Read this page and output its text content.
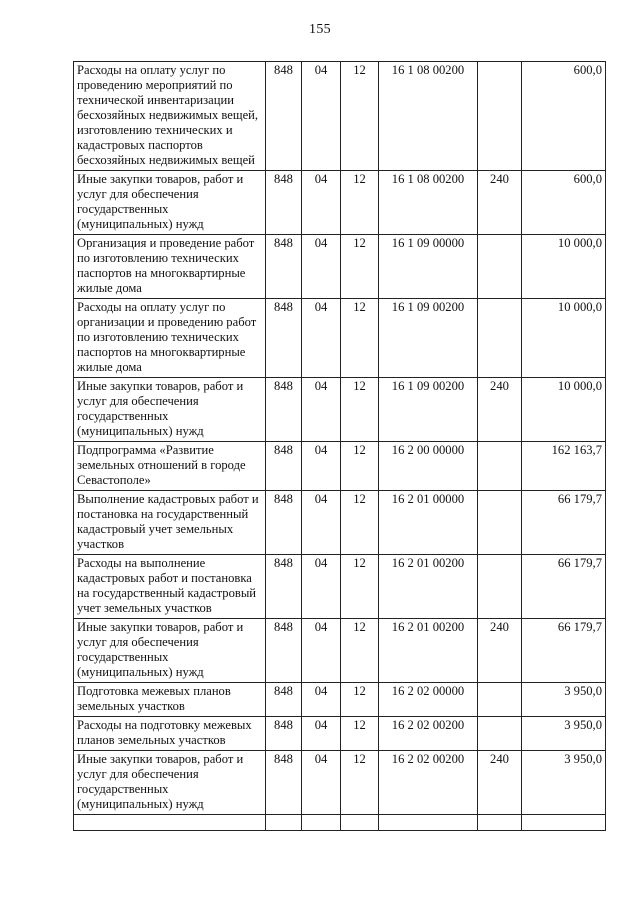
155
Расходы на оплату услуг по проведению мероприятий по технической инвентаризации бесхозяйных недвижимых вещей, изготовлению технических и кадастровых паспортов бесхозяйных недвижимых вещей	848	04	12	16 1 08 00200		600,0
Иные закупки товаров, работ и услуг для обеспечения государственных (муниципальных) нужд	848	04	12	16 1 08 00200	240	600,0
Организация и проведение работ по изготовлению технических паспортов на многоквартирные жилые дома	848	04	12	16 1 09 00000		10 000,0
Расходы на оплату услуг по организации и проведению работ по изготовлению технических паспортов на многоквартирные жилые дома	848	04	12	16 1 09 00200		10 000,0
Иные закупки товаров, работ и услуг для обеспечения государственных (муниципальных) нужд	848	04	12	16 1 09 00200	240	10 000,0
Подпрограмма «Развитие земельных отношений в городе Севастополе»	848	04	12	16 2 00 00000		162 163,7
Выполнение кадастровых работ и постановка на государственный кадастровый учет земельных участков	848	04	12	16 2 01 00000		66 179,7
Расходы на выполнение кадастровых работ и постановка на государственный кадастровый учет земельных участков	848	04	12	16 2 01 00200		66 179,7
Иные закупки товаров, работ и услуг для обеспечения государственных (муниципальных) нужд	848	04	12	16 2 01 00200	240	66 179,7
Подготовка межевых планов земельных участков	848	04	12	16 2 02 00000		3 950,0
Расходы на подготовку межевых планов земельных участков	848	04	12	16 2 02 00200		3 950,0
Иные закупки товаров, работ и услуг для обеспечения государственных (муниципальных) нужд	848	04	12	16 2 02 00200	240	3 950,0
